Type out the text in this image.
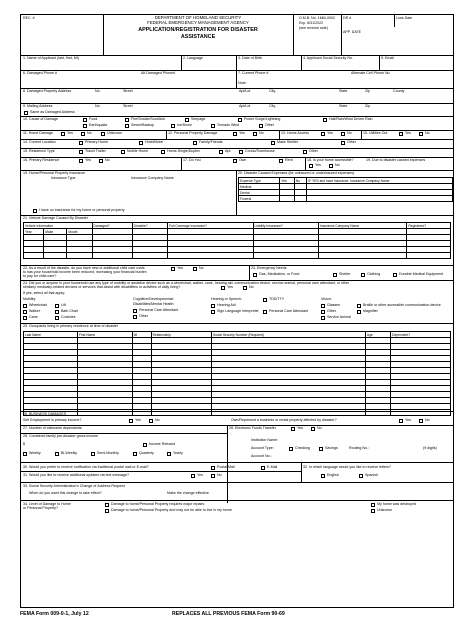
REC. #	DEPARTMENT OF HOMELAND SECURITY
FEDERAL EMERGENCY MANAGEMENT AGENCY
APPLICATION/REGISTRATION FOR DISASTER
ASSISTANCE
O.M.B. No. 1660-0002
Exp. 8/31/2022
(see reverse side)
DR #	Loss Date
APP. DATE
1. Name of Applicant (last, first, MI)	2. Language	3. Date of Birth	4. Applicant Social Security No.	5. Email
6. Damaged Phone #	Alt Damaged Phone#	7. Current Phone #	Alternate Cell Phone No.
Note:
8. Damaged Property Address	No.	Street	Apt/Lot	City,	State	Zip	County
9. Mailing Address
Same as Damaged Address
No.	Street	Apt/Lot	City,	State	Zip
10. Cause of Damage	Food	Fire/Smoke/Soot/Ash	Seepage	Power Surge/Lightning	Hail/Rain/Wind Driven Rain
Earthquake	Sewer/Backup	Ice/Snow	Tornado Wind	Other
11. Home Damage	Yes	No	Unknown	12. Personal Property Damage	Yes	No	13. Home Access	Yes	No	15. Utilities Out	Yes	No
14. Current Location	Primary Home	Hotel/Motel	Family/Friends	Make Shelter	Other
15. Residence Type	Travel Trailer	Mobile Home	Home-Single/Duplex	Apt.	Condo/Townhouse	Other
16. Primary Residence	Yes	No	17. Do You	Own	Rent	18. Is your home accessible?
Yes	No
19. Due to disaster caused expenses
19. Home/Personal Property Insurance
Insurance Type	Insurance Company Name
I have no insurance for my home or personal property
20. Disaster Caused Expenses (for uninsured or underinsured expenses)
Expense Type	Yes	No	IF YES and have insurance, Insurance Company Name
Medical			
Dental			
Funeral			
21. Vehicle Damage Caused By Disaster
Vehicle Information			Damaged?	Drivable?	Full Coverage Insurance?	Liability Insurance?	Insurance Company Name	Registered?
Year	Make	Model						

22. As a result of the disaster, do you have new or additional child care costs
to has your household income been reduced, increasing your financial burden
to pay for child care?
Yes	No	23. Emergency Needs
Gas, Medication, or Food	Shelter	Clothing	Durable Medical Equipment
24. Did you or anyone in your household use any type of mobility or assistive device such as a wheelchair, walker, cane, hearing aid, communication device, service animal, personal care attendant, or other
similarly medically-related devices or services that assist with disabilities or activities of daily living?	Yes	No
If yes, select all that apply:
Mobility:
Wheelchair	Lift
Walker	Bath Chair
Cane	Crutches
Cognitive/Developmental:
Disabilities/Mental Health:
Personal Care Attendant
Other
Hearing or Speech:
Hearing Aid
Sign Language Interpreter
TDD/TTY
Personal Care Attendant
Vision:
Glasses
Other
Braille or other accessible communication device
Magnifier
Service Animal
25. Occupants living in primary residence at time of disaster
Last Name	First Name	MI	Relationship	Social Security Number (Required)	Age	Dependent?

26. BUSINESS DAMAGES
Self Employment is primary income?	Yes	No	Own/Represent a business or rental property affected by disaster?	Yes	No
27. Number of claimants dependents	28. Electronic Funds Transfer	Yes	No
28. Combined family pre-disaster gross income
$	Income Refused
Weekly	Bi-Weekly	Semi-Monthly	Quarterly	Yearly
Institution Name:
Account Type:	Checking	Savings	Routing No.:	(9 digits)
Account No.:
30. Would you prefer to receive notification via traditional postal mail or E-mail?	Postal Mail	E-Mail	32. In which language would you like to receive letters?
English	Spanish
31. Would you like to receive additional updates via text message?	Yes	No
33. Social Security Administration's Change of Address Request
When do you want this change to take effect?	Make the change effective
34. Level of Damage to Home
or Personal Property?
Damage to home/Personal Property requires major repairs
Damage to home/Personal Property and may not be able to live in my home
My home was destroyed
Unknown
FEMA Form 009-0-1, July 12	REPLACES ALL PREVIOUS FEMA Form 90-69
